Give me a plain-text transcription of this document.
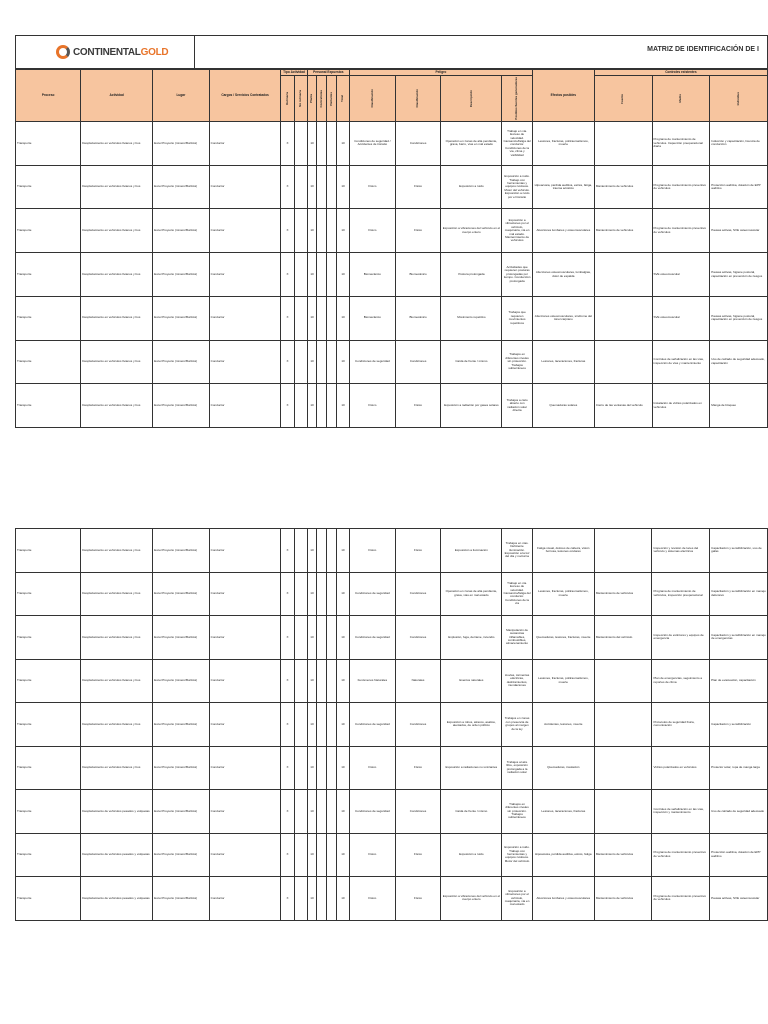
CONTINENTALGOLD	MATRIZ DE IDENTIFICACIÓN DE I
Proceso	Actividad	Lugar	Cargos / Servicios Contratados	Tipo Actividad		Personal Expuestos				Peligro				Efectos posibles	Controles existentes		

				Rutinaria	No rutinaria	Planta	Contratistas	Visitantes	Total	Clasificación	Clasificación	Descripción	Posibles fuentes generadoras		Fuente	Medio	Individuo

Transporte	Desplazamiento en vehículos livianos y bus	Excel Proyecto (minero/Buriticá)	Conductor	X		10			10	Condiciones de seguridad / Accidentes de tránsito	Condiciones	Operación en zonas de alta pendiente, grava, barro, vías en mal estado	Trabajo en vía. Exceso de velocidad. Cansancio/fatiga del conductor. Condiciones de la vía, clima y visibilidad	Lesiones, fracturas, politraumatismos, muerte		Programa de mantenimiento de vehículos. Inspección preoperacional diaria	Inducción y capacitación, licencia de conducción
Transporte	Desplazamiento en vehículos livianos y bus	Excel Proyecto (minero/Buriticá)	Conductor	X		10			10	Físico	Físico	Exposición a ruido	Exposición a ruido. Trabajo con herramientas y equipos ruidosos. Motor del vehículo. Exposición a ruido por el tránsito	Hipoacusia, pérdida auditiva, estrés, fatiga, trauma acústico	Mantenimiento de vehículos	Programa de mantenimiento preventivo de vehículos	Protección auditiva, dotación de EPP auditivo
Transporte	Desplazamiento en vehículos livianos y bus	Excel Proyecto (minero/Buriticá)	Conductor	X		10			10	Físico	Físico	Exposición a vibraciones del vehículo en el cuerpo entero	Exposición a vibraciones por el vehículo, maquinaria, vía en mal estado. Mantenimiento de vehículos	Afecciones lumbares y osteomusculares	Mantenimiento de vehículos	Programa de mantenimiento preventivo de vehículos	Pausas activas, SVE osteomuscular
Transporte	Desplazamiento en vehículos livianos y bus	Excel Proyecto (minero/Buriticá)	Conductor	X		10			10	Biomecánico	Biomecánico	Postura prolongada	Actividades que requieren posturas prolongadas por tiempo. Conducción prolongada	Afecciones osteomusculares, lumbalgias, dolor de espalda		SVE osteomuscular	Pausas activas, higiene postural, capacitación en prevención de riesgos
Transporte	Desplazamiento en vehículos livianos y bus	Excel Proyecto (minero/Buriticá)	Conductor	X		10			10	Biomecánico	Biomecánico	Movimiento repetitivo	Trabajos que requieren movimientos repetitivos	Afecciones osteomusculares, síndrome del túnel carpiano		SVE osteomuscular	Pausas activas, higiene postural, capacitación en prevención de riesgos
Transporte	Desplazamiento en vehículos livianos y bus	Excel Proyecto (minero/Buriticá)	Conductor	X		10			10	Condiciones de seguridad	Condiciones	Caída de frente / mismo	Trabajos en diferentes niveles sin protección. Trabajos subterráneos	Lesiones, laceraciones, fracturas		Controles de señalización en las vías, inspección de vías y mantenimiento	Uso de calzado de seguridad adecuado, capacitación
Transporte	Desplazamiento en vehículos livianos y bus	Excel Proyecto (minero/Buriticá)	Conductor	X		10			10	Físico	Físico	Exposición a radiación por gases solares	Trabajos a cielo abierto con radiación solar directa	Quemaduras solares	Cierre de las ventanas del vehículo	Instalación de vidrios polarizados en vehículos	Manga de bloqueo
Transporte	Desplazamiento en vehículos livianos y bus	Excel Proyecto (minero/Buriticá)	Conductor	X		10			10	Físico	Físico	Exposición a iluminación	Trabajos en vías. Deficiente iluminación. Exposición a la luz del día y nocturna	Fatiga visual, dolores de cabeza, visión borrosa, lesiones oculares		Inspección y revisión de luces del vehículo y sistemas eléctricos	Capacitación y sensibilización, uso de gafas
Transporte	Desplazamiento en vehículos livianos y bus	Excel Proyecto (minero/Buriticá)	Conductor	X		10			10	Condiciones de seguridad	Condiciones	Operación en zonas de alta pendiente, grava, vías en mal estado	Trabajo en vía. Exceso de velocidad. Cansancio/fatiga del conductor. Condiciones de la vía	Lesiones, fracturas, politraumatismos, muerte	Mantenimiento de vehículos	Programa de mantenimiento de vehículos, inspección preoperacional	Capacitación y sensibilización en manejo defensivo
Transporte	Desplazamiento en vehículos livianos y bus	Excel Proyecto (minero/Buriticá)	Conductor	X		10			10	Condiciones de seguridad	Condiciones	Explosión, fuga, derrame, incendio	Manipulación de sustancias inflamables, combustibles, almacenamiento	Quemaduras, lesiones, fracturas, muerte	Mantenimiento del vehículo	Inspección de extintores y equipos de emergencia	Capacitación y sensibilización en manejo de emergencias
Transporte	Desplazamiento en vehículos livianos y bus	Excel Proyecto (minero/Buriticá)	Conductor	X		10			10	Fenómenos Naturales	Naturales	Eventos naturales	Lluvias, tormentas eléctricas, deslizamientos, inundaciones	Lesiones, fracturas, politraumatismos, muerte		Plan de emergencias, seguimiento a reportes de clima	Plan de evacuación, capacitación
Transporte	Desplazamiento en vehículos livianos y bus	Excel Proyecto (minero/Buriticá)	Conductor	X		10			10	Condiciones de seguridad	Condiciones	Exposición a robos, atracos, asaltos, atentados, de orden público	Trabajos en zonas con presencia de grupos al margen de la ley	Accidentes, lesiones, muerte		Protocolos de seguridad física, comunicación	Capacitación y sensibilización
Transporte	Desplazamiento en vehículos livianos y bus	Excel Proyecto (minero/Buriticá)	Conductor	X		10			10	Físico	Físico	Exposición a radiaciones no ionizantes	Trabajos al aire libre, exposición prolongada a la radiación solar	Quemaduras, insolación		Vidrios polarizados en vehículos	Protector solar, ropa de manga larga
Transporte	Desplazamiento de vehículos pesados y volquetas	Excel Proyecto (minero/Buriticá)	Conductor	X		10			10	Condiciones de seguridad	Condiciones	Caída de frente / mismo	Trabajos en diferentes niveles sin protección. Trabajos subterráneos	Lesiones, laceraciones, fracturas		Controles de señalización en las vías, inspección y mantenimiento	Uso de calzado de seguridad adecuado
Transporte	Desplazamiento de vehículos pesados y volquetas	Excel Proyecto (minero/Buriticá)	Conductor	X		10			10	Físico	Físico	Exposición a ruido	Exposición a ruido. Trabajo con herramientas y equipos ruidosos. Motor del vehículo	Hipoacusia, pérdida auditiva, estrés, fatiga	Mantenimiento de vehículos	Programa de mantenimiento preventivo de vehículos	Protección auditiva, dotación de EPP auditivo
Transporte	Desplazamiento de vehículos pesados y volquetas	Excel Proyecto (minero/Buriticá)	Conductor	X		10			10	Físico	Físico	Exposición a vibraciones del vehículo en el cuerpo entero	Exposición a vibraciones por el vehículo, maquinaria, vía en mal estado	Afecciones lumbares y osteomusculares	Mantenimiento de vehículos	Programa de mantenimiento preventivo de vehículos	Pausas activas, SVE osteomuscular
